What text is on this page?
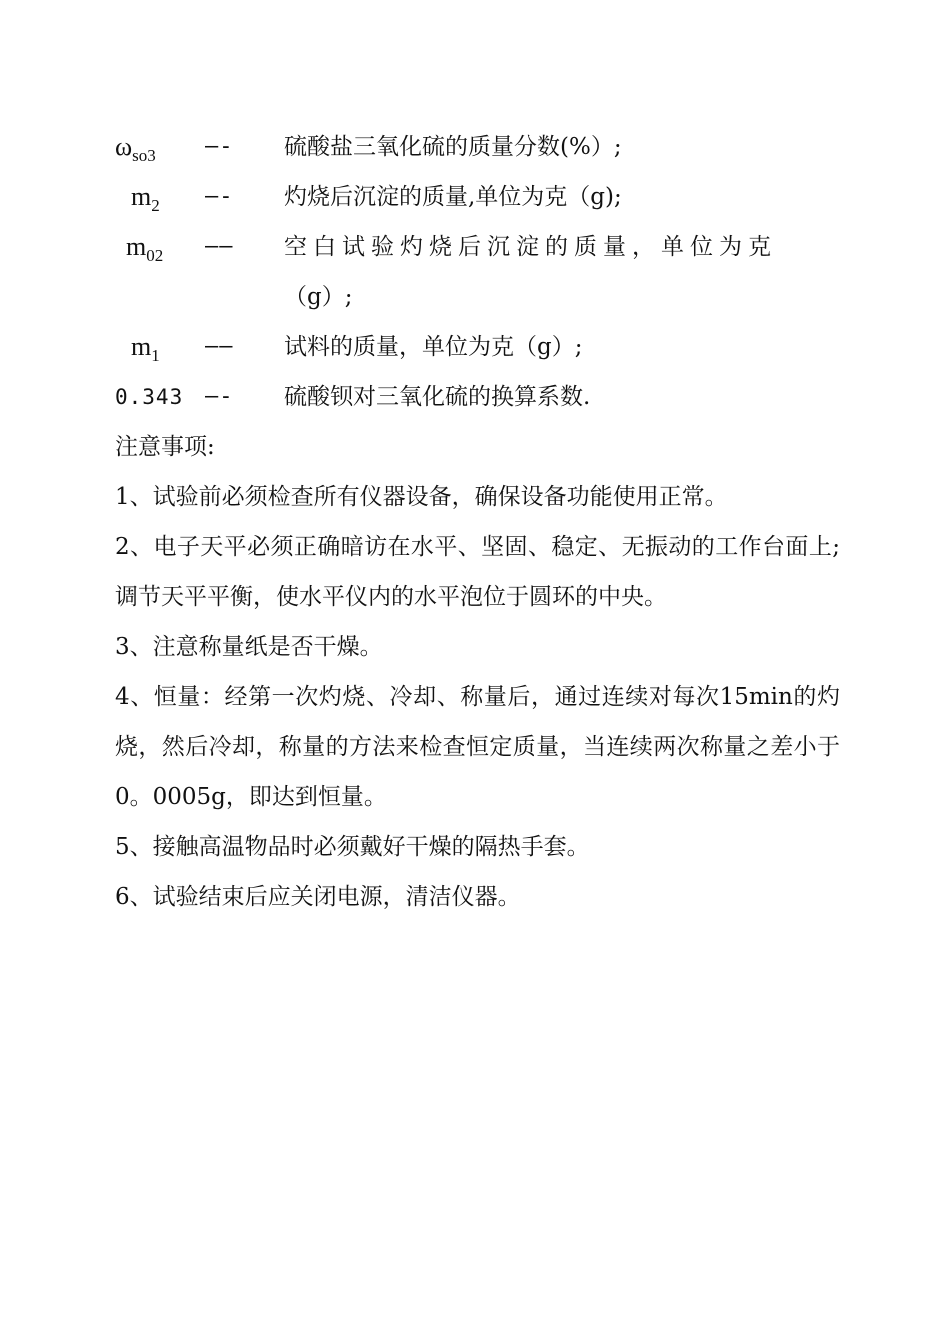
$\omega_{so3}$	—-	硫酸盐三氧化硫的质量分数(%）;
$m_2$	—-	灼烧后沉淀的质量,单位为克（g);
$m_{02}$	——	空白试验灼烧后沉淀的质量，单位为克
（g）;
$m_1$	——	试料的质量，单位为克（g）;
0.343 —-	硫酸钡对三氧化硫的换算系数.

注意事项:

1、试验前必须检查所有仪器设备，确保设备功能使用正常。

2、电子天平必须正确暗访在水平、坚固、稳定、无振动的工作台面上;调节天平平衡，使水平仪内的水平泡位于圆环的中央。

3、注意称量纸是否干燥。

4、恒量：经第一次灼烧、冷却、称量后，通过连续对每次15min的灼烧，然后冷却，称量的方法来检查恒定质量，当连续两次称量之差小于0。0005g，即达到恒量。

5、接触高温物品时必须戴好干燥的隔热手套。

6、试验结束后应关闭电源，清洁仪器。
